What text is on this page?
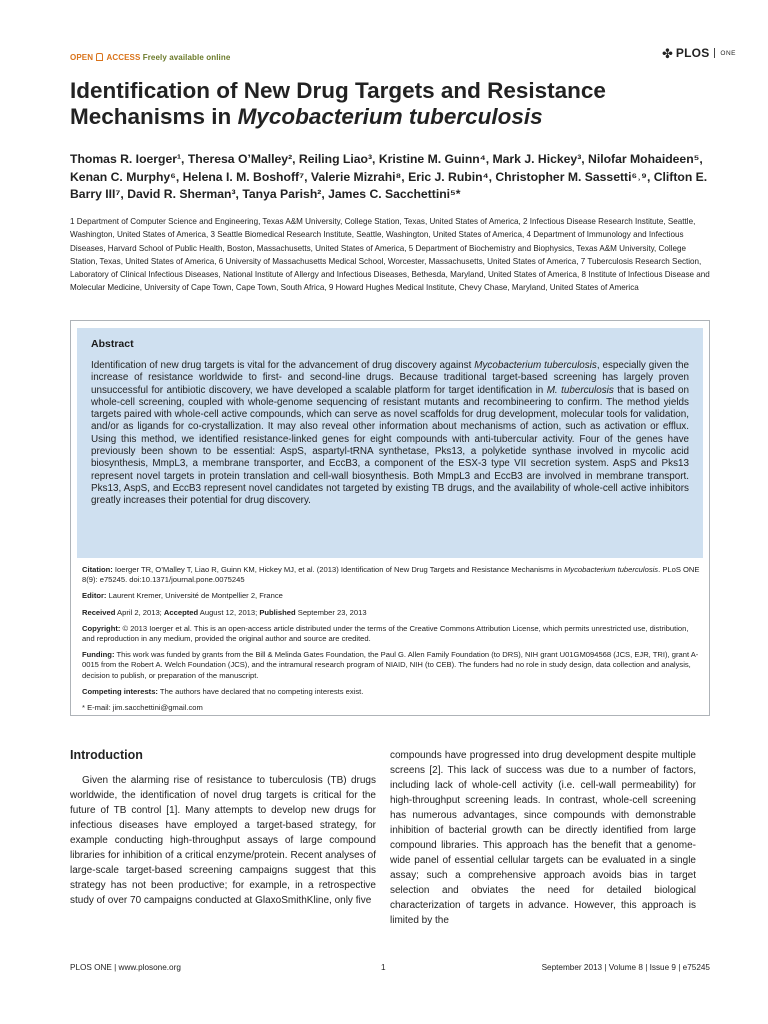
OPEN ACCESS Freely available online	✤ PLOS ONE
Identification of New Drug Targets and Resistance
Mechanisms in Mycobacterium tuberculosis
Thomas R. Ioerger¹, Theresa O’Malley², Reiling Liao³, Kristine M. Guinn⁴, Mark J. Hickey³, Nilofar Mohaideen⁵, Kenan C. Murphy⁶, Helena I. M. Boshoff⁷, Valerie Mizrahi⁸, Eric J. Rubin⁴, Christopher M. Sassetti⁶˒⁹, Clifton E. Barry III⁷, David R. Sherman³, Tanya Parish², James C. Sacchettini⁵*
1 Department of Computer Science and Engineering, Texas A&M University, College Station, Texas, United States of America, 2 Infectious Disease Research Institute, Seattle, Washington, United States of America, 3 Seattle Biomedical Research Institute, Seattle, Washington, United States of America, 4 Department of Immunology and Infectious Diseases, Harvard School of Public Health, Boston, Massachusetts, United States of America, 5 Department of Biochemistry and Biophysics, Texas A&M University, College Station, Texas, United States of America, 6 University of Massachusetts Medical School, Worcester, Massachusetts, United States of America, 7 Tuberculosis Research Section, Laboratory of Clinical Infectious Diseases, National Institute of Allergy and Infectious Diseases, Bethesda, Maryland, United States of America, 8 Institute of Infectious Disease and Molecular Medicine, University of Cape Town, Cape Town, South Africa, 9 Howard Hughes Medical Institute, Chevy Chase, Maryland, United States of America
Abstract
Identification of new drug targets is vital for the advancement of drug discovery against Mycobacterium tuberculosis, especially given the increase of resistance worldwide to first- and second-line drugs. Because traditional target-based screening has largely proven unsuccessful for antibiotic discovery, we have developed a scalable platform for target identification in M. tuberculosis that is based on whole-cell screening, coupled with whole-genome sequencing of resistant mutants and recombineering to confirm. The method yields targets paired with whole-cell active compounds, which can serve as novel scaffolds for drug development, molecular tools for validation, and/or as ligands for co-crystallization. It may also reveal other information about mechanisms of action, such as activation or efflux. Using this method, we identified resistance-linked genes for eight compounds with anti-tubercular activity. Four of the genes have previously been shown to be essential: AspS, aspartyl-tRNA synthetase, Pks13, a polyketide synthase involved in mycolic acid biosynthesis, MmpL3, a membrane transporter, and EccB3, a component of the ESX-3 type VII secretion system. AspS and Pks13 represent novel targets in protein translation and cell-wall biosynthesis. Both MmpL3 and EccB3 are involved in membrane transport. Pks13, AspS, and EccB3 represent novel candidates not targeted by existing TB drugs, and the availability of whole-cell active inhibitors greatly increases their potential for drug discovery.

Citation: Ioerger TR, O’Malley T, Liao R, Guinn KM, Hickey MJ, et al. (2013) Identification of New Drug Targets and Resistance Mechanisms in Mycobacterium tuberculosis. PLoS ONE 8(9): e75245. doi:10.1371/journal.pone.0075245

Editor: Laurent Kremer, Université de Montpellier 2, France

Received April 2, 2013; Accepted August 12, 2013; Published September 23, 2013

Copyright: © 2013 Ioerger et al. This is an open-access article distributed under the terms of the Creative Commons Attribution License, which permits unrestricted use, distribution, and reproduction in any medium, provided the original author and source are credited.

Funding: This work was funded by grants from the Bill & Melinda Gates Foundation, the Paul G. Allen Family Foundation (to DRS), NIH grant U01GM094568 (JCS, EJR, TRI), grant A-0015 from the Robert A. Welch Foundation (JCS), and the intramural research program of NIAID, NIH (to CEB). The funders had no role in study design, data collection and analysis, decision to publish, or preparation of the manuscript.

Competing interests: The authors have declared that no competing interests exist.

* E-mail: jim.sacchettini@gmail.com

Introduction

Given the alarming rise of resistance to tuberculosis (TB) drugs worldwide, the identification of novel drug targets is critical for the future of TB control [1]. Many attempts to develop new drugs for infectious diseases have employed a target-based strategy, for example conducting high-throughput assays of large compound libraries for inhibition of a critical enzyme/protein. Recent analyses of large-scale target-based screening campaigns suggest that this strategy has not been productive; for example, in a retrospective study of over 70 campaigns conducted at GlaxoSmithKline, only five

compounds have progressed into drug development despite multiple screens [2]. This lack of success was due to a number of factors, including lack of whole-cell activity (i.e. cell-wall permeability) for high-throughput screening leads. In contrast, whole-cell screening has numerous advantages, since compounds with demonstrable inhibition of bacterial growth can be directly identified from large compound libraries. This approach has the benefit that a genome-wide panel of essential cellular targets can be evaluated in a single assay; such a comprehensive approach avoids bias in target selection and obviates the need for detailed biological characterization of targets in advance. However, this approach is limited by the

PLOS ONE | www.plosone.org	1	September 2013 | Volume 8 | Issue 9 | e75245
